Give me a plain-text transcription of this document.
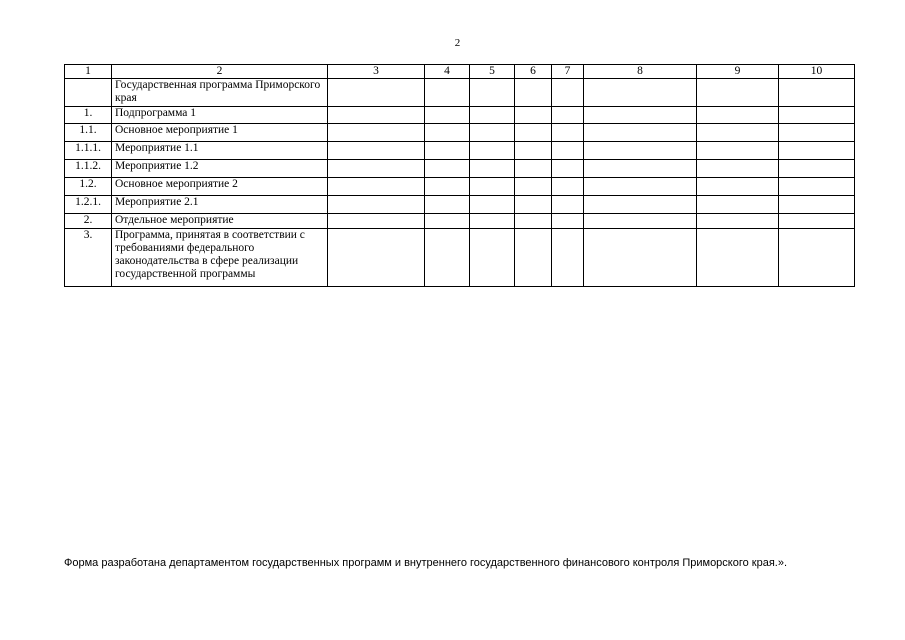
2
1	2	3	4	5	6	7	8	9	10
	Государственная программа Приморского края								
1.	Подпрограмма 1								
1.1.	Основное мероприятие 1								
1.1.1.	Мероприятие 1.1								
1.1.2.	Мероприятие 1.2								
1.2.	Основное мероприятие 2								
1.2.1.	Мероприятие 2.1								
2.	Отдельное мероприятие								
3.	Программа, принятая в соответствии с требованиями федерального законодательства в сфере реализации государственной программы								
Форма разработана департаментом государственных программ и внутреннего государственного финансового контроля Приморского края.».
